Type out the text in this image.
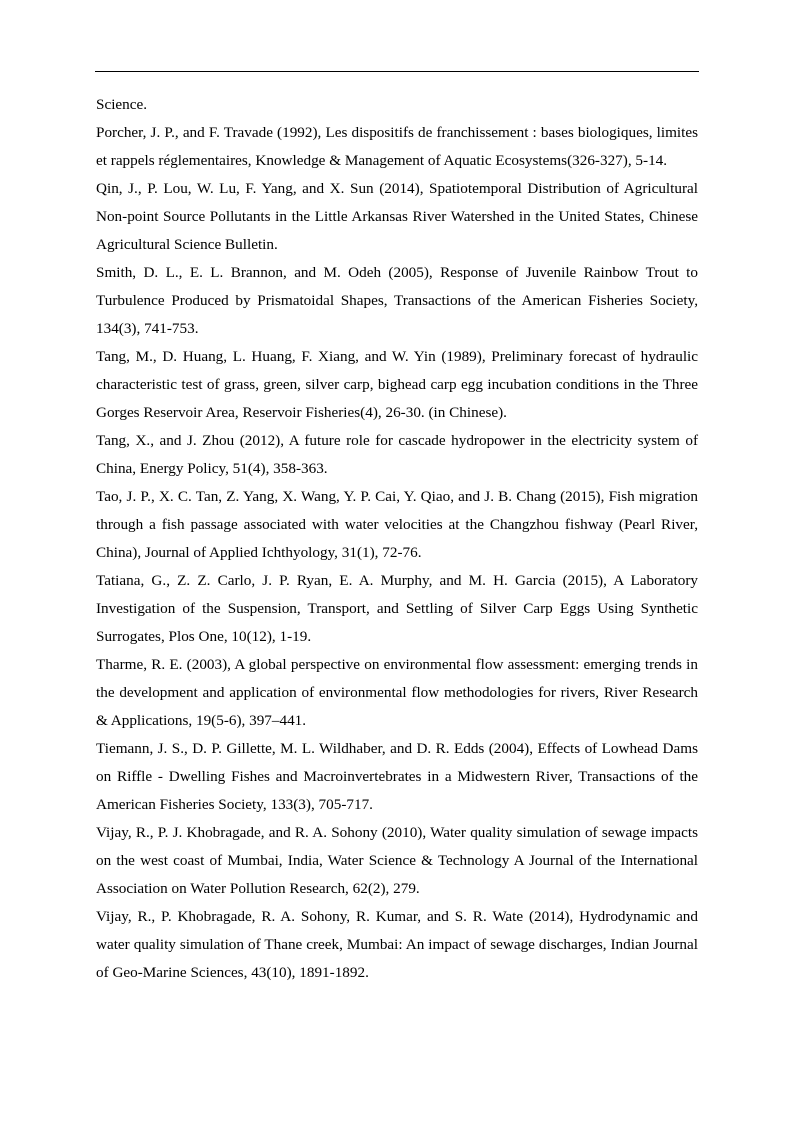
Science.

Porcher, J. P., and F. Travade (1992), Les dispositifs de franchissement : bases biologiques, limites et rappels réglementaires, Knowledge & Management of Aquatic Ecosystems(326-327), 5-14.

Qin, J., P. Lou, W. Lu, F. Yang, and X. Sun (2014), Spatiotemporal Distribution of Agricultural Non-point Source Pollutants in the Little Arkansas River Watershed in the United States, Chinese Agricultural Science Bulletin.

Smith, D. L., E. L. Brannon, and M. Odeh (2005), Response of Juvenile Rainbow Trout to Turbulence Produced by Prismatoidal Shapes, Transactions of the American Fisheries Society, 134(3), 741-753.

Tang, M., D. Huang, L. Huang, F. Xiang, and W. Yin (1989), Preliminary forecast of hydraulic characteristic test of grass, green, silver carp, bighead carp egg incubation conditions in the Three Gorges Reservoir Area, Reservoir Fisheries(4), 26-30. (in Chinese).

Tang, X., and J. Zhou (2012), A future role for cascade hydropower in the electricity system of China, Energy Policy, 51(4), 358-363.

Tao, J. P., X. C. Tan, Z. Yang, X. Wang, Y. P. Cai, Y. Qiao, and J. B. Chang (2015), Fish migration through a fish passage associated with water velocities at the Changzhou fishway (Pearl River, China), Journal of Applied Ichthyology, 31(1), 72-76.

Tatiana, G., Z. Z. Carlo, J. P. Ryan, E. A. Murphy, and M. H. Garcia (2015), A Laboratory Investigation of the Suspension, Transport, and Settling of Silver Carp Eggs Using Synthetic Surrogates, Plos One, 10(12), 1-19.

Tharme, R. E. (2003), A global perspective on environmental flow assessment: emerging trends in the development and application of environmental flow methodologies for rivers, River Research & Applications, 19(5-6), 397–441.

Tiemann, J. S., D. P. Gillette, M. L. Wildhaber, and D. R. Edds (2004), Effects of Lowhead Dams on Riffle ‐ Dwelling Fishes and Macroinvertebrates in a Midwestern River, Transactions of the American Fisheries Society, 133(3), 705-717.

Vijay, R., P. J. Khobragade, and R. A. Sohony (2010), Water quality simulation of sewage impacts on the west coast of Mumbai, India, Water Science & Technology A Journal of the International Association on Water Pollution Research, 62(2), 279.

Vijay, R., P. Khobragade, R. A. Sohony, R. Kumar, and S. R. Wate (2014), Hydrodynamic and water quality simulation of Thane creek, Mumbai: An impact of sewage discharges, Indian Journal of Geo-Marine Sciences, 43(10), 1891-1892.
